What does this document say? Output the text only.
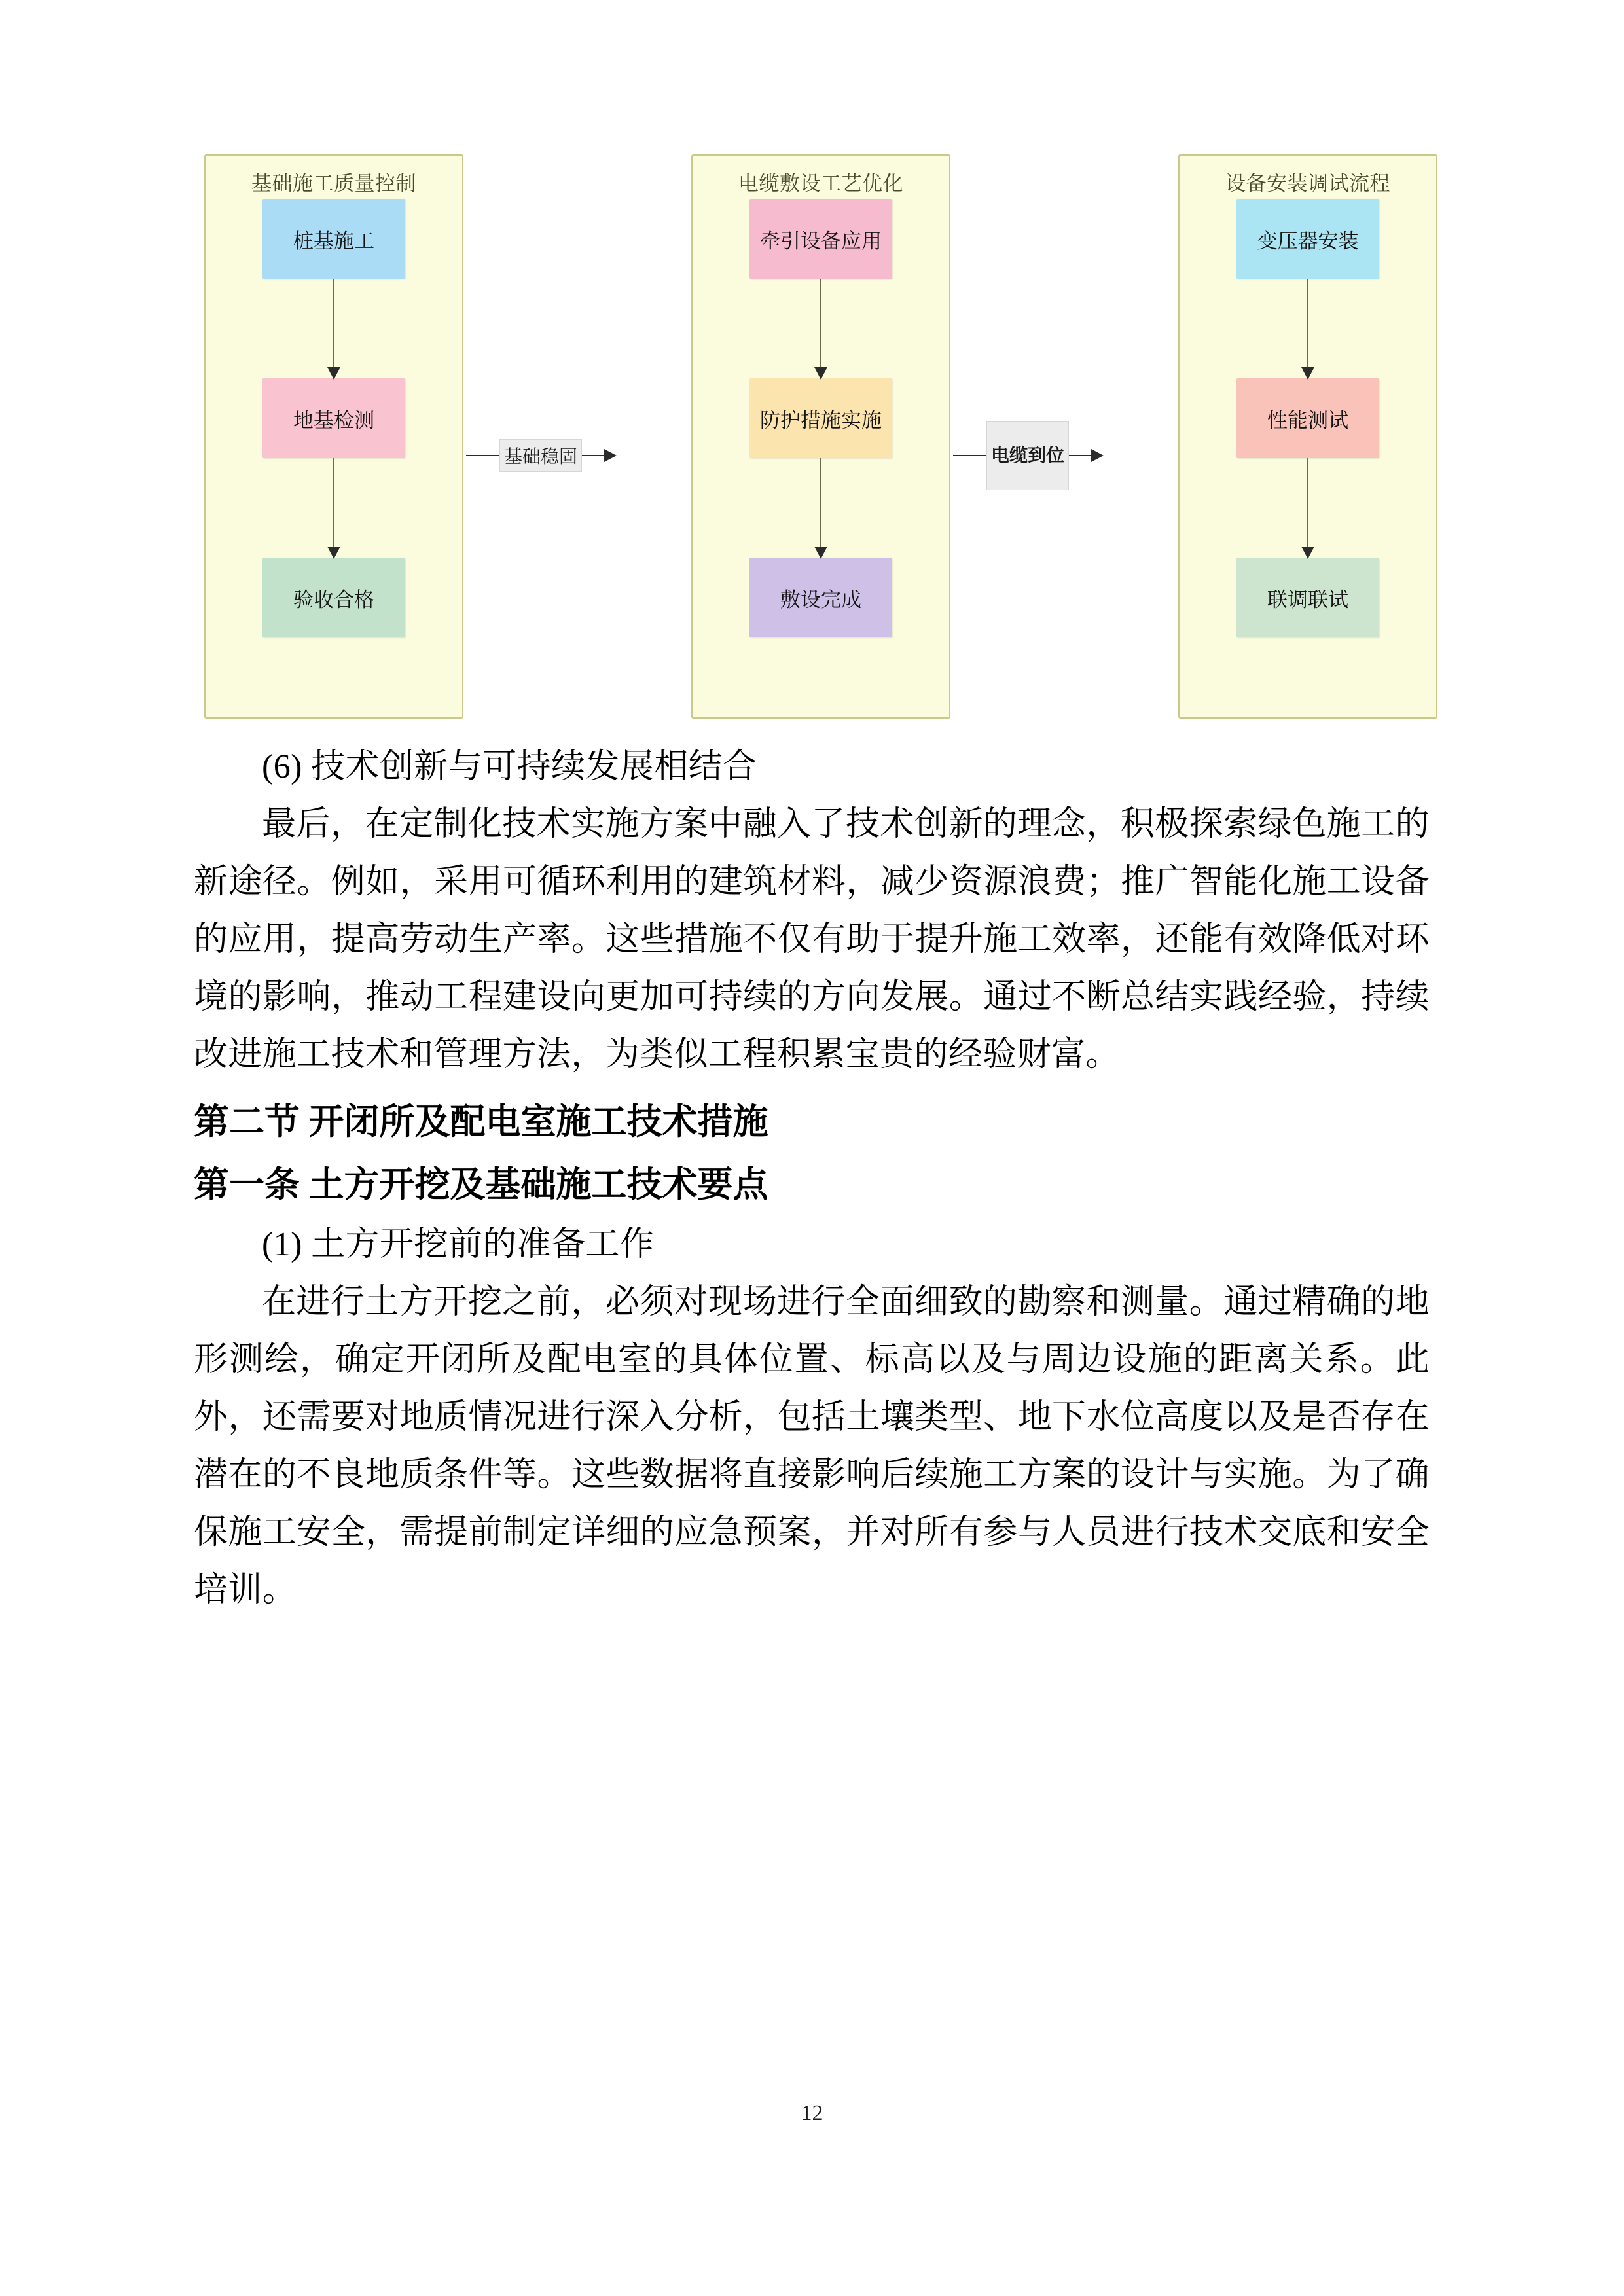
基础施工质量控制
桩基施工
地基检测
验收合格
电缆敷设工艺优化
牵引设备应用
防护措施实施
敷设完成
设备安装调试流程
变压器安装
性能测试
联调联试
基础稳固	电缆到位

(6) 技术创新与可持续发展相结合

最后，在定制化技术实施方案中融入了技术创新的理念，积极探索绿色施工的新途径。例如，采用可循环利用的建筑材料，减少资源浪费；推广智能化施工设备的应用，提高劳动生产率。这些措施不仅有助于提升施工效率，还能有效降低对环境的影响，推动工程建设向更加可持续的方向发展。通过不断总结实践经验，持续改进施工技术和管理方法，为类似工程积累宝贵的经验财富。

第二节 开闭所及配电室施工技术措施

第一条 土方开挖及基础施工技术要点

(1) 土方开挖前的准备工作

在进行土方开挖之前，必须对现场进行全面细致的勘察和测量。通过精确的地形测绘，确定开闭所及配电室的具体位置、标高以及与周边设施的距离关系。此外，还需要对地质情况进行深入分析，包括土壤类型、地下水位高度以及是否存在潜在的不良地质条件等。这些数据将直接影响后续施工方案的设计与实施。为了确保施工安全，需提前制定详细的应急预案，并对所有参与人员进行技术交底和安全培训。

12
